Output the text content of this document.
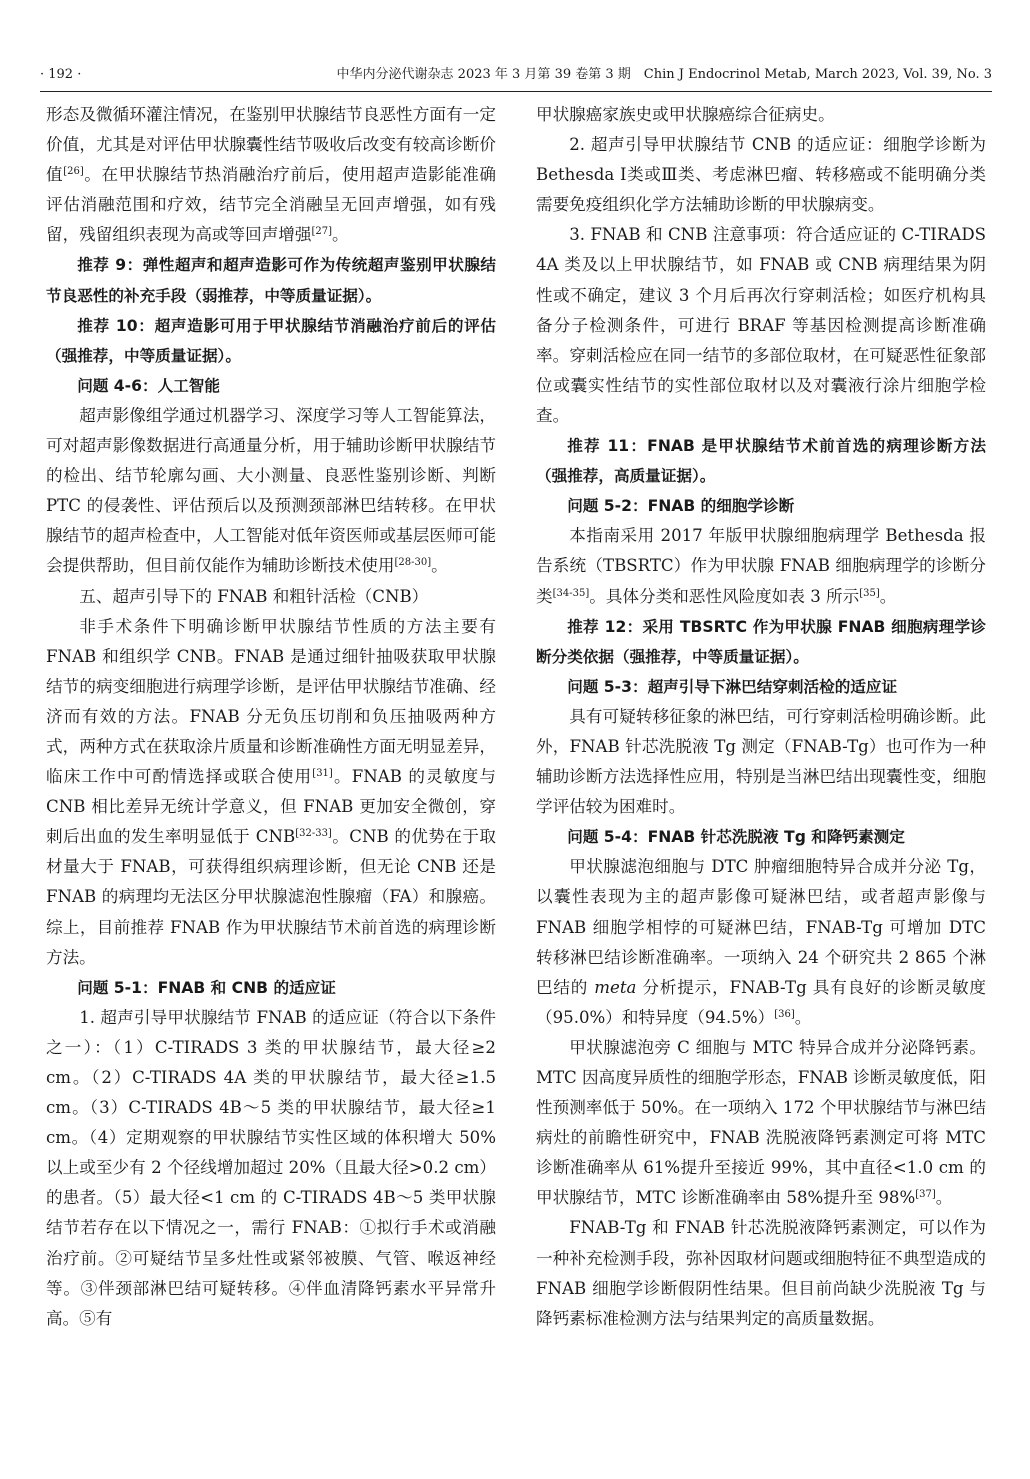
· 192 ·	中华内分泌代谢杂志 2023 年 3 月第 39 卷第 3 期　Chin J Endocrinol Metab, March 2023, Vol. 39, No. 3

形态及微循环灌注情况，在鉴别甲状腺结节良恶性方面有一定价值，尤其是对评估甲状腺囊性结节吸收后改变有较高诊断价值[26]。在甲状腺结节热消融治疗前后，使用超声造影能准确评估消融范围和疗效，结节完全消融呈无回声增强，如有残留，残留组织表现为高或等回声增强[27]。

推荐 9：弹性超声和超声造影可作为传统超声鉴别甲状腺结节良恶性的补充手段（弱推荐，中等质量证据）。

推荐 10：超声造影可用于甲状腺结节消融治疗前后的评估（强推荐，中等质量证据）。

问题 4-6：人工智能

超声影像组学通过机器学习、深度学习等人工智能算法，可对超声影像数据进行高通量分析，用于辅助诊断甲状腺结节的检出、结节轮廓勾画、大小测量、良恶性鉴别诊断、判断 PTC 的侵袭性、评估预后以及预测颈部淋巴结转移。在甲状腺结节的超声检查中，人工智能对低年资医师或基层医师可能会提供帮助，但目前仅能作为辅助诊断技术使用[28-30]。

五、超声引导下的 FNAB 和粗针活检（CNB）

非手术条件下明确诊断甲状腺结节性质的方法主要有 FNAB 和组织学 CNB。FNAB 是通过细针抽吸获取甲状腺结节的病变细胞进行病理学诊断，是评估甲状腺结节准确、经济而有效的方法。FNAB 分无负压切削和负压抽吸两种方式，两种方式在获取涂片质量和诊断准确性方面无明显差异，临床工作中可酌情选择或联合使用[31]。FNAB 的灵敏度与 CNB 相比差异无统计学意义，但 FNAB 更加安全微创，穿刺后出血的发生率明显低于 CNB[32-33]。CNB 的优势在于取材量大于 FNAB，可获得组织病理诊断，但无论 CNB 还是 FNAB 的病理均无法区分甲状腺滤泡性腺瘤（FA）和腺癌。综上，目前推荐 FNAB 作为甲状腺结节术前首选的病理诊断方法。

问题 5-1：FNAB 和 CNB 的适应证

1. 超声引导甲状腺结节 FNAB 的适应证（符合以下条件之一）：（1）C-TIRADS 3 类的甲状腺结节，最大径≥2 cm。（2）C-TIRADS 4A 类的甲状腺结节，最大径≥1.5 cm。（3）C-TIRADS 4B～5 类的甲状腺结节，最大径≥1 cm。（4）定期观察的甲状腺结节实性区域的体积增大 50% 以上或至少有 2 个径线增加超过 20%（且最大径>0.2 cm）的患者。（5）最大径<1 cm 的 C-TIRADS 4B～5 类甲状腺结节若存在以下情况之一，需行 FNAB：①拟行手术或消融治疗前。②可疑结节呈多灶性或紧邻被膜、气管、喉返神经等。③伴颈部淋巴结可疑转移。④伴血清降钙素水平异常升高。⑤有

甲状腺癌家族史或甲状腺癌综合征病史。

2. 超声引导甲状腺结节 CNB 的适应证：细胞学诊断为 Bethesda Ⅰ类或Ⅲ类、考虑淋巴瘤、转移癌或不能明确分类需要免疫组织化学方法辅助诊断的甲状腺病变。

3. FNAB 和 CNB 注意事项：符合适应证的 C-TIRADS 4A 类及以上甲状腺结节，如 FNAB 或 CNB 病理结果为阴性或不确定，建议 3 个月后再次行穿刺活检；如医疗机构具备分子检测条件，可进行 BRAF 等基因检测提高诊断准确率。穿刺活检应在同一结节的多部位取材，在可疑恶性征象部位或囊实性结节的实性部位取材以及对囊液行涂片细胞学检查。

推荐 11：FNAB 是甲状腺结节术前首选的病理诊断方法（强推荐，高质量证据）。

问题 5-2：FNAB 的细胞学诊断

本指南采用 2017 年版甲状腺细胞病理学 Bethesda 报告系统（TBSRTC）作为甲状腺 FNAB 细胞病理学的诊断分类[34-35]。具体分类和恶性风险度如表 3 所示[35]。

推荐 12：采用 TBSRTC 作为甲状腺 FNAB 细胞病理学诊断分类依据（强推荐，中等质量证据）。

问题 5-3：超声引导下淋巴结穿刺活检的适应证

具有可疑转移征象的淋巴结，可行穿刺活检明确诊断。此外，FNAB 针芯洗脱液 Tg 测定（FNAB-Tg）也可作为一种辅助诊断方法选择性应用，特别是当淋巴结出现囊性变，细胞学评估较为困难时。

问题 5-4：FNAB 针芯洗脱液 Tg 和降钙素测定

甲状腺滤泡细胞与 DTC 肿瘤细胞特异合成并分泌 Tg，以囊性表现为主的超声影像可疑淋巴结，或者超声影像与 FNAB 细胞学相悖的可疑淋巴结，FNAB-Tg 可增加 DTC 转移淋巴结诊断准确率。一项纳入 24 个研究共 2 865 个淋巴结的 meta 分析提示，FNAB-Tg 具有良好的诊断灵敏度（95.0%）和特异度（94.5%）[36]。

甲状腺滤泡旁 C 细胞与 MTC 特异合成并分泌降钙素。MTC 因高度异质性的细胞学形态，FNAB 诊断灵敏度低，阳性预测率低于 50%。在一项纳入 172 个甲状腺结节与淋巴结病灶的前瞻性研究中，FNAB 洗脱液降钙素测定可将 MTC 诊断准确率从 61%提升至接近 99%，其中直径<1.0 cm 的甲状腺结节，MTC 诊断准确率由 58%提升至 98%[37]。

FNAB-Tg 和 FNAB 针芯洗脱液降钙素测定，可以作为一种补充检测手段，弥补因取材问题或细胞特征不典型造成的 FNAB 细胞学诊断假阴性结果。但目前尚缺少洗脱液 Tg 与降钙素标准检测方法与结果判定的高质量数据。
